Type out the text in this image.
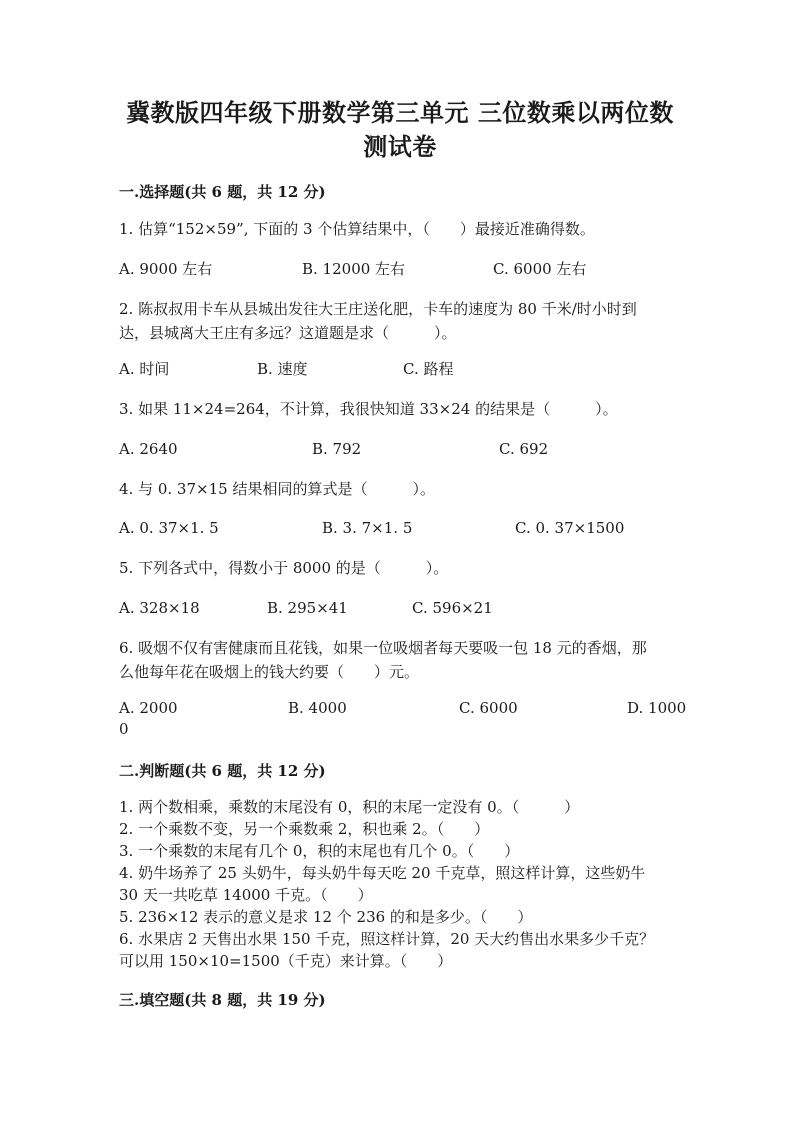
冀教版四年级下册数学第三单元 三位数乘以两位数
测试卷
一.选择题(共 6 题，共 12 分)
1. 估算“152×59”, 下面的 3 个估算结果中，（　　）最接近准确得数。
A. 9000 左右	B. 12000 左右	C. 6000 左右
2. 陈叔叔用卡车从县城出发往大王庄送化肥，卡车的速度为 80 千米/时小时到
达，县城离大王庄有多远？这道题是求（　　　）。
A. 时间	B. 速度	C. 路程
3. 如果 11×24=264，不计算，我很快知道 33×24 的结果是（　　　）。
A. 2640	B. 792	C. 692
4. 与 0. 37×15 结果相同的算式是（　　　）。
A. 0. 37×1. 5	B. 3. 7×1. 5	C. 0. 37×1500
5. 下列各式中，得数小于 8000 的是（　　　）。
A. 328×18	B. 295×41	C. 596×21
6. 吸烟不仅有害健康而且花钱，如果一位吸烟者每天要吸一包 18 元的香烟，那
么他每年花在吸烟上的钱大约要（　　）元。
A. 2000	B. 4000	C. 6000	D. 1000
0
二.判断题(共 6 题，共 12 分)
1. 两个数相乘，乘数的末尾没有 0，积的末尾一定没有 0。（　　　）
2. 一个乘数不变，另一个乘数乘 2，积也乘 2。（　　）
3. 一个乘数的末尾有几个 0，积的末尾也有几个 0。（　　）
4. 奶牛场养了 25 头奶牛，每头奶牛每天吃 20 千克草，照这样计算，这些奶牛
30 天一共吃草 14000 千克。（　　）
5. 236×12 表示的意义是求 12 个 236 的和是多少。（　　）
6. 水果店 2 天售出水果 150 千克，照这样计算，20 天大约售出水果多少千克？
可以用 150×10=1500（千克）来计算。（　　）
三.填空题(共 8 题，共 19 分)
